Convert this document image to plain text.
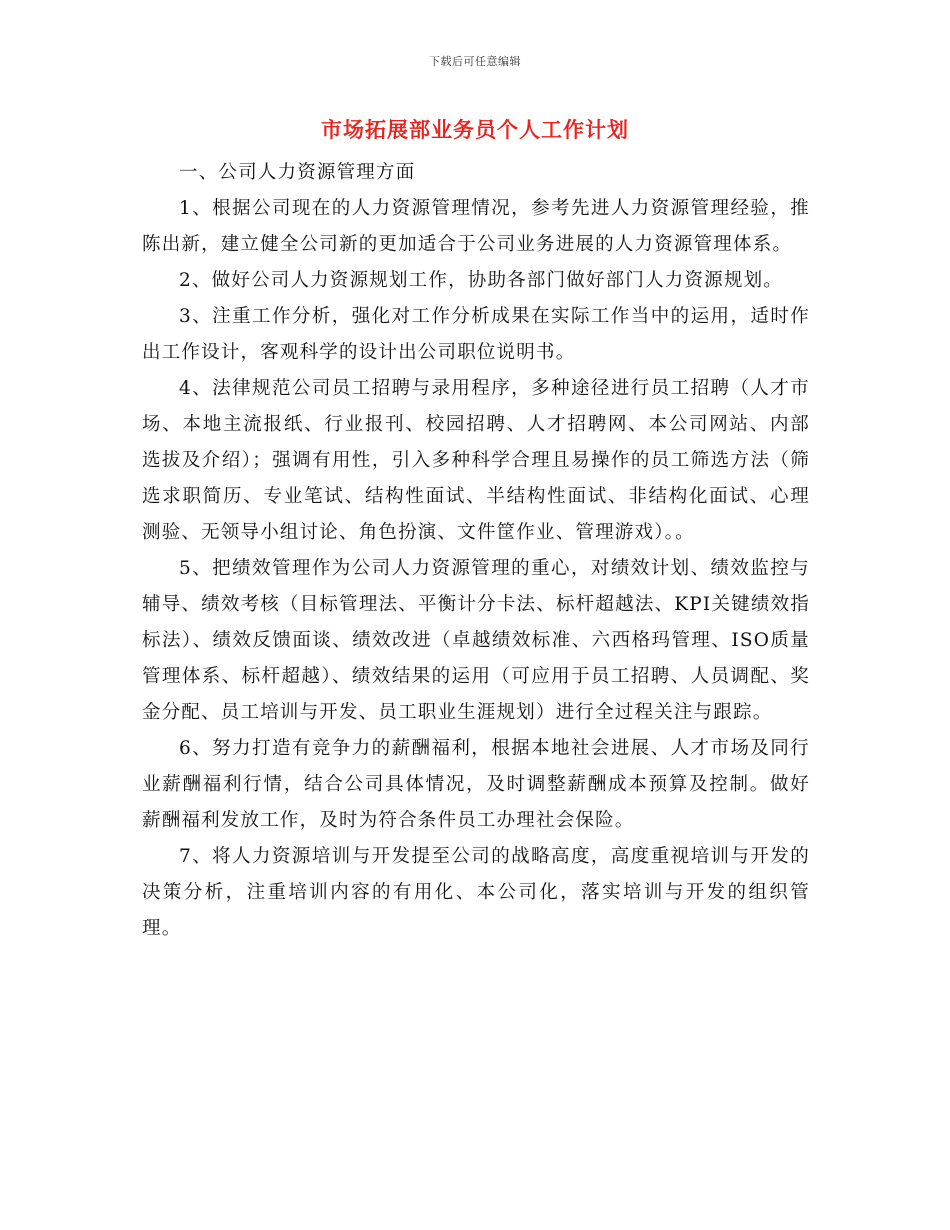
下载后可任意编辑
市场拓展部业务员个人工作计划

一、公司人力资源管理方面

1、根据公司现在的人力资源管理情况，参考先进人力资源管理经验，推陈出新，建立健全公司新的更加适合于公司业务进展的人力资源管理体系。

2、做好公司人力资源规划工作，协助各部门做好部门人力资源规划。

3、注重工作分析，强化对工作分析成果在实际工作当中的运用，适时作出工作设计，客观科学的设计出公司职位说明书。

4、法律规范公司员工招聘与录用程序，多种途径进行员工招聘（人才市场、本地主流报纸、行业报刊、校园招聘、人才招聘网、本公司网站、内部选拔及介绍）；强调有用性，引入多种科学合理且易操作的员工筛选方法（筛选求职简历、专业笔试、结构性面试、半结构性面试、非结构化面试、心理测验、无领导小组讨论、角色扮演、文件筐作业、管理游戏）。。

5、把绩效管理作为公司人力资源管理的重心，对绩效计划、绩效监控与辅导、绩效考核（目标管理法、平衡计分卡法、标杆超越法、KPI关键绩效指标法）、绩效反馈面谈、绩效改进（卓越绩效标准、六西格玛管理、ISO质量管理体系、标杆超越）、绩效结果的运用（可应用于员工招聘、人员调配、奖金分配、员工培训与开发、员工职业生涯规划）进行全过程关注与跟踪。

6、努力打造有竞争力的薪酬福利，根据本地社会进展、人才市场及同行业薪酬福利行情，结合公司具体情况，及时调整薪酬成本预算及控制。做好薪酬福利发放工作，及时为符合条件员工办理社会保险。

7、将人力资源培训与开发提至公司的战略高度，高度重视培训与开发的决策分析，注重培训内容的有用化、本公司化，落实培训与开发的组织管理。
